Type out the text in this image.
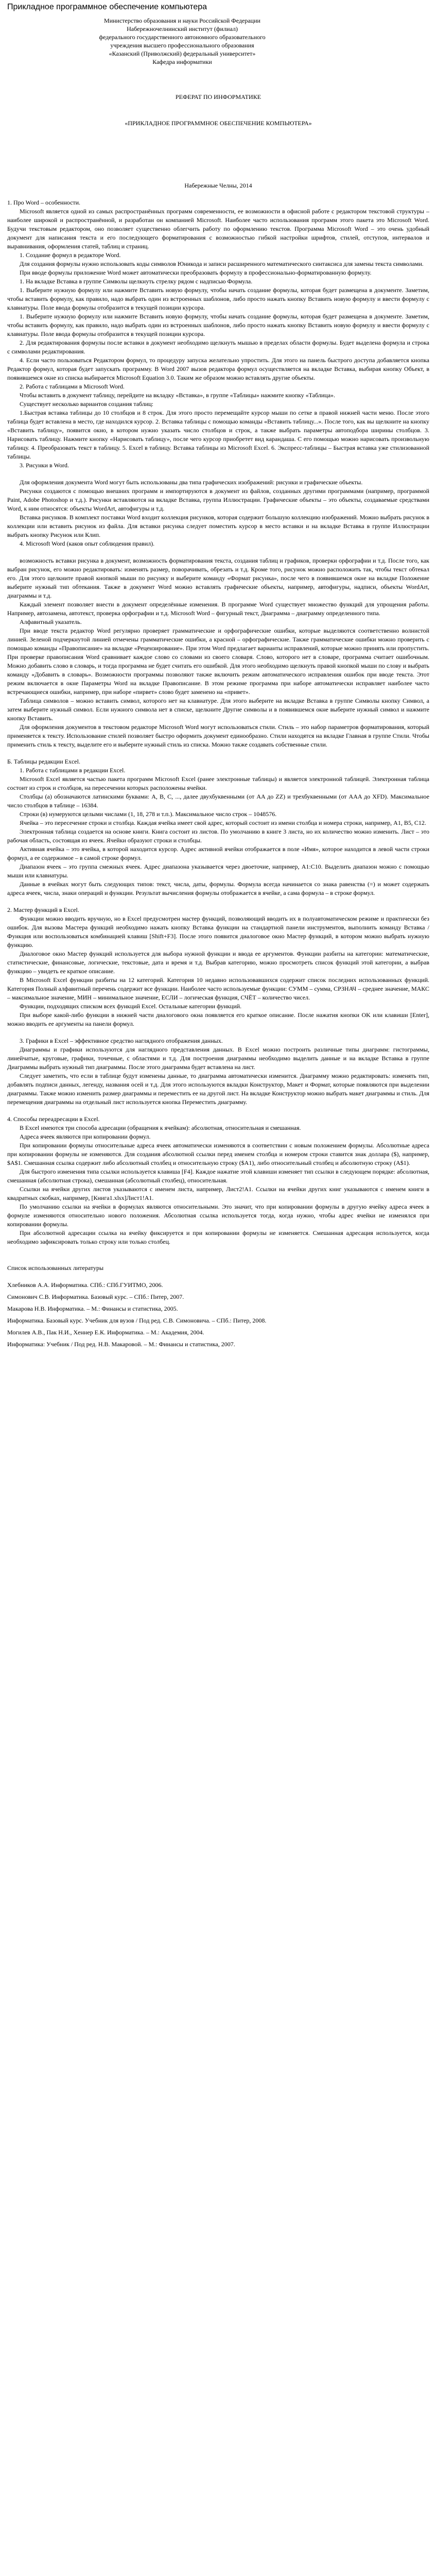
Прикладное программное обеспечение компьютера
Министерство образования и науки Российской Федерации
Набережночелнинский институт (филиал)
федерального государственного автономного образовательного
учреждения высшего профессионального образования
«Казанский (Приволжский) федеральный университет»
Кафедра информатики
РЕФЕРАТ ПО ИНФОРМАТИКЕ
«ПРИКЛАДНОЕ ПРОГРАММНОЕ ОБЕСПЕЧЕНИЕ КОМПЬЮТЕРА»
Набережные Челны, 2014
1. Про Word – особенности.
Microsoft является одной из самых распространённых программ современности, ее возможности в офисной работе с редактором текстовой структуры – наиболее широкой и распространённой, и разработан он компанией Microsoft. Наиболее часто использования программ этого пакета это Microsoft Word. Будучи текстовым редактором, оно позволяет существенно облегчить работу по оформлению текстов. Программа Microsoft Word – это очень удобный документ для написания текста и его последующего форматирования с возможностью гибкой настройки шрифтов, стилей, отступов, интервалов и выравнивания, оформления статей, таблиц и страниц.
1. Создание формул в редакторе Word.
Для создания формулы нужно использовать коды символов Юникода и записи расширенного математического синтаксиса для замены текста символами.
При вводе формулы приложение Word может автоматически преобразовать формулу в профессионально-форматированную формулу.
1. На вкладке Вставка в группе Символы щелкнуть стрелку рядом с надписью Формула.
1. Выберите нужную формулу или нажмите Вставить новую формулу, чтобы начать создание формулы, которая будет размещена в документе. Заметим, чтобы вставить формулу, как правило, надо выбрать один из встроенных шаблонов, либо просто нажать кнопку Вставить новую формулу и ввести формулу с клавиатуры. Поле ввода формулы отобразится в текущей позиции курсора.
1. Выберите нужную формулу или нажмите Вставить новую формулу, чтобы начать создание формулы, которая будет размещена в документе. Заметим, чтобы вставить формулу, как правило, надо выбрать один из встроенных шаблонов, либо просто нажать кнопку Вставить новую формулу и ввести формулу с клавиатуры. Поле ввода формулы отобразится в текущей позиции курсора.
2. Для редактирования формулы после вставки в документ необходимо щелкнуть мышью в пределах области формулы. Будет выделена формула и строка с символами редактирования.
4. Если часто пользоваться Редактором формул, то процедуру запуска желательно упростить. Для этого на панель быстрого доступа добавляется кнопка Редактор формул, которая будет запускать программу. В Word 2007 вызов редактора формул осуществляется на вкладке Вставка, выбирая кнопку Объект, в появившемся окне из списка выбирается Microsoft Equation 3.0. Таким же образом можно вставлять другие объекты.
2. Работа с таблицами в Microsoft Word.
Чтобы вставить в документ таблицу, перейдите на вкладку «Вставка», в группе «Таблицы» нажмите кнопку «Таблица».
Существует несколько вариантов создания таблиц:
1.Быстрая вставка таблицы до 10 столбцов и 8 строк. Для этого просто перемещайте курсор мыши по сетке в правой нижней части меню. После этого таблица будет вставлена в место, где находился курсор. 2. Вставка таблицы с помощью команды «Вставить таблицу...». После того, как вы щелкните на кнопку «Вставить таблицу», появится окно, в котором нужно указать число столбцов и строк, а также выбрать параметры автоподбора ширины столбцов. 3. Нарисовать таблицу. Нажмите кнопку «Нарисовать таблицу», после чего курсор приобретет вид карандаша. С его помощью можно нарисовать произвольную таблицу. 4. Преобразовать текст в таблицу. 5. Excel в таблицу. Вставка таблицы из Microsoft Excel. 6. Экспресс-таблицы – Быстрая вставка уже стилизованной таблицы.
3. Рисунки в Word.
Для оформления документа Word могут быть использованы два типа графических изображений: рисунки и графические объекты.
Рисунки создаются с помощью внешних программ и импортируются в документ из файлов, созданных другими программами (например, программой Paint, Adobe Photoshop и т.д.). Рисунки вставляются на вкладке Вставка, группа Иллюстрации. Графические объекты – это объекты, создаваемые средствами Word, к ним относятся: объекты WordArt, автофигуры и т.д.
Вставка рисунков. В комплект поставки Word входит коллекция рисунков, которая содержит большую коллекцию изображений. Можно выбрать рисунок в коллекции или вставить рисунок из файла. Для вставки рисунка следует поместить курсор в место вставки и на вкладке Вставка в группе Иллюстрации выбрать кнопку Рисунок или Клип.
4. Microsoft Word (каков опыт соблюдения правил).
возможность вставки рисунка в документ, возможность форматирования текста, создания таблиц и графиков, проверки орфографии и т.д. После того, как выбран рисунок, его можно редактировать: изменять размер, поворачивать, обрезать и т.д. Кроме того, рисунок можно расположить так, чтобы текст обтекал его. Для этого щелкните правой кнопкой мыши по рисунку и выберите команду «Формат рисунка», после чего в появившемся окне на вкладке Положение выберите нужный тип обтекания. Также в документ Word можно вставлять графические объекты, например, автофигуры, надписи, объекты WordArt, диаграммы и т.д.
Каждый элемент позволяет внести в документ определённые изменения. В программе Word существует множество функций для упрощения работы. Например, автозамена, автотекст, проверка орфографии и т.д. Microsoft Word – фигурный текст, Диаграмма – диаграмму определенного типа.
Алфавитный указатель.
При вводе текста редактор Word регулярно проверяет грамматические и орфографические ошибки, которые выделяются соответственно волнистой линией. Зеленой подчеркнутой линией отмечены грамматические ошибки, а красной – орфографические. Также грамматические ошибки можно проверить с помощью команды «Правописание» на вкладке «Рецензирование». При этом Word предлагает варианты исправлений, которые можно принять или пропустить. При проверке правописания Word сравнивает каждое слово со словами из своего словаря. Слово, которого нет в словаре, программа считает ошибочным. Можно добавить слово в словарь, и тогда программа не будет считать его ошибкой. Для этого необходимо щелкнуть правой кнопкой мыши по слову и выбрать команду «Добавить в словарь». Возможности программы позволяют также включить режим автоматического исправления ошибок при вводе текста. Этот режим включается в окне Параметры Word на вкладке Правописание. В этом режиме программа при наборе автоматически исправляет наиболее часто встречающиеся ошибки, например, при наборе «пирвет» слово будет заменено на «привет».
Таблица символов – можно вставить символ, которого нет на клавиатуре. Для этого выберите на вкладке Вставка в группе Символы кнопку Символ, а затем выберите нужный символ. Если нужного символа нет в списке, щелкните Другие символы и в появившемся окне выберите нужный символ и нажмите кнопку Вставить.
Для оформления документов в текстовом редакторе Microsoft Word могут использоваться стили. Стиль – это набор параметров форматирования, который применяется к тексту. Использование стилей позволяет быстро оформить документ единообразно. Стили находятся на вкладке Главная в группе Стили. Чтобы применить стиль к тексту, выделите его и выберите нужный стиль из списка. Можно также создавать собственные стили.
Б. Таблицы редакции Excel.
1. Работа с таблицами в редакции Excel.
Microsoft Excel является частью пакета программ Microsoft Excel (ранее электронные таблицы) и является электронной таблицей. Электронная таблица состоит из строк и столбцов, на пересечении которых расположены ячейки.
Столбцы (а) обозначаются латинскими буквами: A, B, C, ..., далее двухбуквенными (от AA до ZZ) и трехбуквенными (от AAA до XFD). Максимальное число столбцов в таблице – 16384.
Строки (в) нумеруются целыми числами (1, 18, 278 и т.п.). Максимальное число строк – 1048576.
Ячейка – это пересечение строки и столбца. Каждая ячейка имеет свой адрес, который состоит из имени столбца и номера строки, например, A1, B5, C12.
Электронная таблица создается на основе книги. Книга состоит из листов. По умолчанию в книге 3 листа, но их количество можно изменить. Лист – это рабочая область, состоящая из ячеек. Ячейки образуют строки и столбцы.
Активная ячейка – это ячейка, в которой находится курсор. Адрес активной ячейки отображается в поле «Имя», которое находится в левой части строки формул, а ее содержимое – в самой строке формул.
Диапазон ячеек – это группа смежных ячеек. Адрес диапазона указывается через двоеточие, например, A1:C10. Выделить диапазон можно с помощью мыши или клавиатуры.
Данные в ячейках могут быть следующих типов: текст, числа, даты, формулы. Формула всегда начинается со знака равенства (=) и может содержать адреса ячеек, числа, знаки операций и функции. Результат вычисления формулы отображается в ячейке, а сама формула – в строке формул.
2. Мастер функций в Excel.
Функции можно вводить вручную, но в Excel предусмотрен мастер функций, позволяющий вводить их в полуавтоматическом режиме и практически без ошибок. Для вызова Мастера функций необходимо нажать кнопку Вставка функции на стандартной панели инструментов, выполнить команду Вставка / Функция или воспользоваться комбинацией клавиш [Shift+F3]. После этого появится диалоговое окно Мастер функций, в котором можно выбрать нужную функцию.
Диалоговое окно Мастер функций используется для выбора нужной функции и ввода ее аргументов. Функции разбиты на категории: математические, статистические, финансовые, логические, текстовые, дата и время и т.д. Выбрав категорию, можно просмотреть список функций этой категории, а выбрав функцию – увидеть ее краткое описание.
В Microsoft Excel функции разбиты на 12 категорий. Категория 10 недавно использовавшихся содержит список последних использованных функций. Категория Полный алфавитный перечень содержит все функции. Наиболее часто используемые функции: СУММ – сумма, СРЗНАЧ – среднее значение, МАКС – максимальное значение, МИН – минимальное значение, ЕСЛИ – логическая функция, СЧЁТ – количество чисел.
Функции, подходящих списком всех функций Excel. Остальные категории функций.
При выборе какой-либо функции в нижней части диалогового окна появляется его краткое описание. После нажатия кнопки OK или клавиши [Enter], можно вводить ее аргументы на панели формул.
3. Графики в Excel – эффективное средство наглядного отображения данных.
Диаграммы и графики используются для наглядного представления данных. В Excel можно построить различные типы диаграмм: гистограммы, линейчатые, круговые, графики, точечные, с областями и т.д. Для построения диаграммы необходимо выделить данные и на вкладке Вставка в группе Диаграммы выбрать нужный тип диаграммы. После этого диаграмма будет вставлена на лист.
Следует заметить, что если в таблице будут изменены данные, то диаграмма автоматически изменится. Диаграмму можно редактировать: изменять тип, добавлять подписи данных, легенду, названия осей и т.д. Для этого используются вкладки Конструктор, Макет и Формат, которые появляются при выделении диаграммы. Также можно изменить размер диаграммы и переместить ее на другой лист. На вкладке Конструктор можно выбрать макет диаграммы и стиль. Для перемещения диаграммы на отдельный лист используется кнопка Переместить диаграмму.
4. Способы переадресации в Excel.
В Excel имеются три способа адресации (обращения к ячейкам): абсолютная, относительная и смешанная.
Адреса ячеек являются при копировании формул.
При копировании формулы относительные адреса ячеек автоматически изменяются в соответствии с новым положением формулы. Абсолютные адреса при копировании формулы не изменяются. Для создания абсолютной ссылки перед именем столбца и номером строки ставится знак доллара ($), например, $A$1. Смешанная ссылка содержит либо абсолютный столбец и относительную строку ($A1), либо относительный столбец и абсолютную строку (A$1).
Для быстрого изменения типа ссылки используется клавиша [F4]. Каждое нажатие этой клавиши изменяет тип ссылки в следующем порядке: абсолютная, смешанная (абсолютная строка), смешанная (абсолютный столбец), относительная.
Ссылки на ячейки других листов указываются с именем листа, например, Лист2!A1. Ссылки на ячейки других книг указываются с именем книги в квадратных скобках, например, [Книга1.xlsx]Лист1!A1.
По умолчанию ссылки на ячейки в формулах являются относительными. Это значит, что при копировании формулы в другую ячейку адреса ячеек в формуле изменяются относительно нового положения. Абсолютная ссылка используется тогда, когда нужно, чтобы адрес ячейки не изменялся при копировании формулы.
При абсолютной адресации ссылка на ячейку фиксируется и при копировании формулы не изменяется. Смешанная адресация используется, когда необходимо зафиксировать только строку или только столбец.
Список использованных литературы
Хлебников А.А. Информатика. СПб.: СПб.ГУИТМО, 2006.
Симонович С.В. Информатика. Базовый курс. – СПб.: Питер, 2007.
Макарова Н.В. Информатика. – М.: Финансы и статистика, 2005.
Информатика. Базовый курс. Учебник для вузов / Под ред. С.В. Симоновича. – СПб.: Питер, 2008.
Могилев А.В., Пак Н.И., Хеннер Е.К. Информатика. – М.: Академия, 2004.
Информатика: Учебник / Под ред. Н.В. Макаровой. – М.: Финансы и статистика, 2007.
